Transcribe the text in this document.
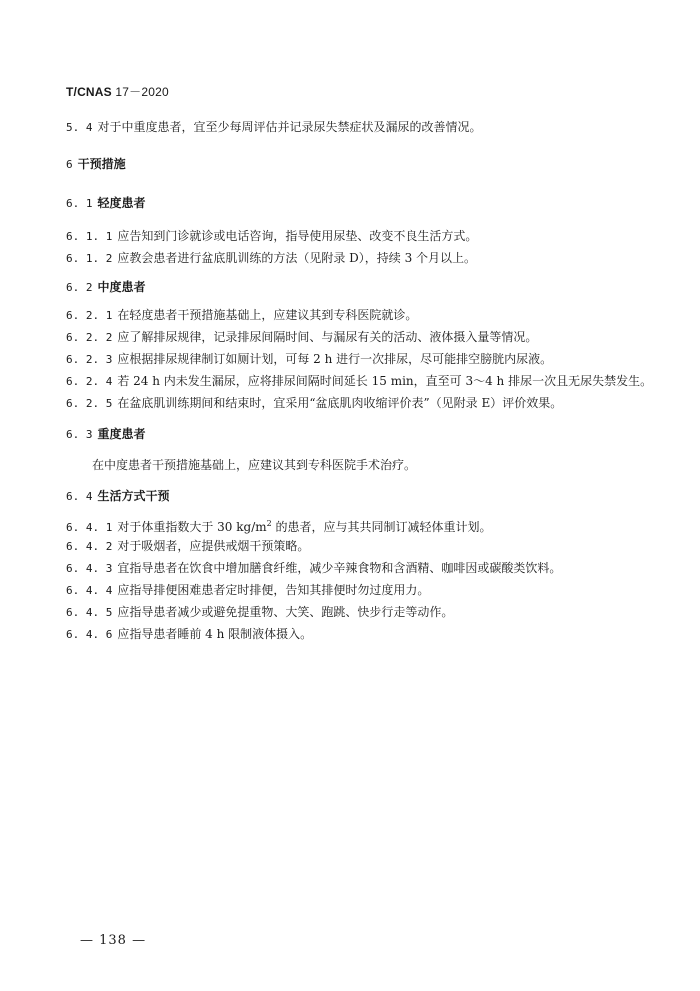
T/CNAS 17－2020
5. 4 对于中重度患者，宜至少每周评估并记录尿失禁症状及漏尿的改善情况。
6 干预措施
6. 1 轻度患者
6. 1. 1 应告知到门诊就诊或电话咨询，指导使用尿垫、改变不良生活方式。
6. 1. 2 应教会患者进行盆底肌训练的方法（见附录 D），持续 3 个月以上。
6. 2 中度患者
6. 2. 1 在轻度患者干预措施基础上，应建议其到专科医院就诊。
6. 2. 2 应了解排尿规律，记录排尿间隔时间、与漏尿有关的活动、液体摄入量等情况。
6. 2. 3 应根据排尿规律制订如厕计划，可每 2 h 进行一次排尿，尽可能排空膀胱内尿液。
6. 2. 4 若 24 h 内未发生漏尿，应将排尿间隔时间延长 15 min，直至可 3～4 h 排尿一次且无尿失禁发生。
6. 2. 5 在盆底肌训练期间和结束时，宜采用“盆底肌肉收缩评价表”（见附录 E）评价效果。
6. 3 重度患者
在中度患者干预措施基础上，应建议其到专科医院手术治疗。
6. 4 生活方式干预
6. 4. 1 对于体重指数大于 30 $kg/m^2$ 的患者，应与其共同制订减轻体重计划。
6. 4. 2 对于吸烟者，应提供戒烟干预策略。
6. 4. 3 宜指导患者在饮食中增加膳食纤维，减少辛辣食物和含酒精、咖啡因或碳酸类饮料。
6. 4. 4 应指导排便困难患者定时排便，告知其排便时勿过度用力。
6. 4. 5 应指导患者减少或避免提重物、大笑、跑跳、快步行走等动作。
6. 4. 6 应指导患者睡前 4 h 限制液体摄入。
— 138 —
